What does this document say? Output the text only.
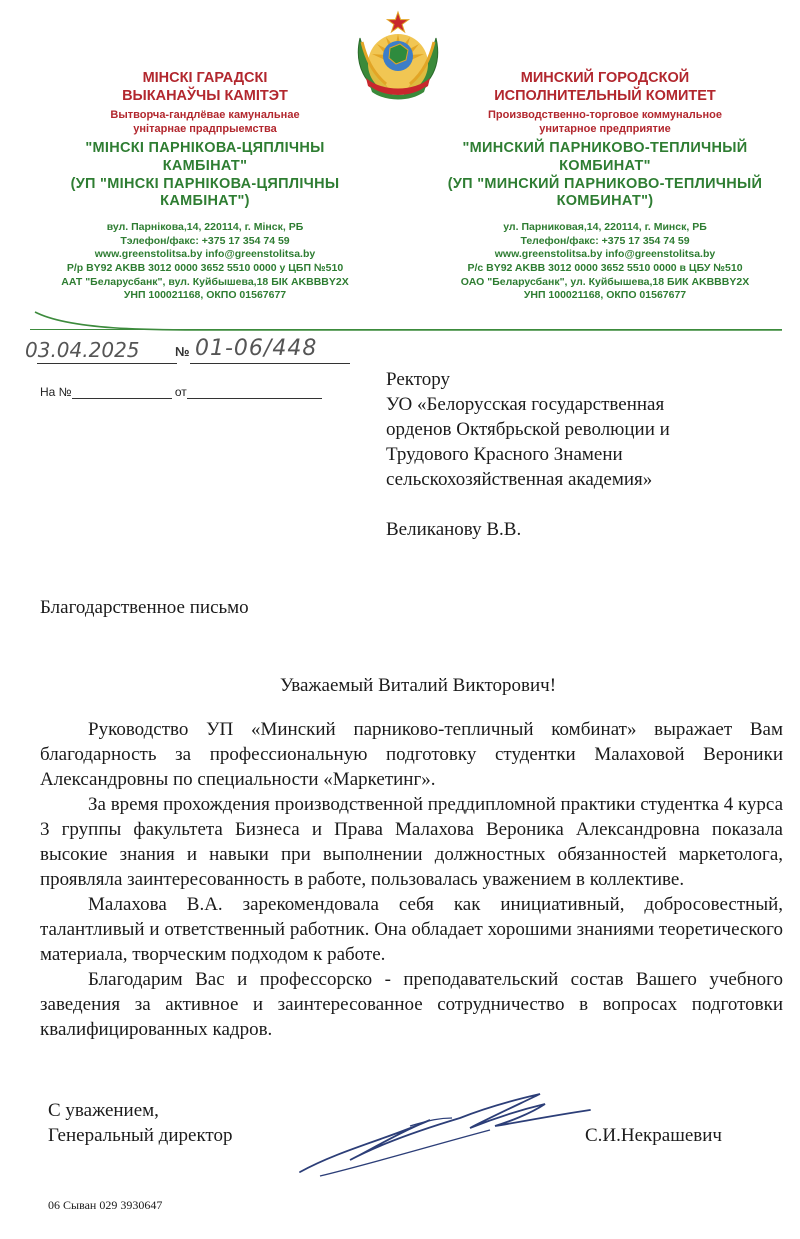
МІНСКІ ГАРАДСКІ
ВЫКАНАЎЧЫ КАМІТЭТ
Вытворча-гандлёвае камунальнае
унітарнае прадпрыемства
"МІНСКІ ПАРНІКОВА-ЦЯПЛІЧНЫ
КАМБІНАТ"
(УП "МІНСКІ ПАРНІКОВА-ЦЯПЛІЧНЫ
КАМБІНАТ")
вул. Парнікова,14, 220114, г. Мінск, РБ
Тэлефон/факс: +375 17 354 74 59
www.greenstolitsa.by info@greenstolitsa.by
Р/р BY92 AKBB 3012 0000 3652 5510 0000 у ЦБП №510
ААТ "Беларусбанк", вул. Куйбышева,18 БІК AKBBBY2X
УНП 100021168, ОКПО 01567677
МИНСКИЙ ГОРОДСКОЙ
ИСПОЛНИТЕЛЬНЫЙ КОМИТЕТ
Производственно-торговое коммунальное
унитарное предприятие
"МИНСКИЙ ПАРНИКОВО-ТЕПЛИЧНЫЙ
КОМБИНАТ"
(УП "МИНСКИЙ ПАРНИКОВО-ТЕПЛИЧНЫЙ
КОМБИНАТ")
ул. Парниковая,14, 220114, г. Минск, РБ
Телефон/факс: +375 17 354 74 59
www.greenstolitsa.by info@greenstolitsa.by
Р/с BY92 AKBB 3012 0000 3652 5510 0000 в ЦБУ №510
ОАО "Беларусбанк", ул. Куйбышева,18 БИК AKBBBY2X
УНП 100021168, ОКПО 01567677
03.04.2025	№ 01-06/448
На №	от
Ректору
УО «Белорусская государственная
орденов Октябрьской революции и
Трудового Красного Знамени
сельскохозяйственная академия»
Великанову В.В.
Благодарственное письмо
Уважаемый Виталий Викторович!

Руководство УП «Минский парниково-тепличный комбинат» выражает Вам благодарность за профессиональную подготовку студентки Малаховой Вероники Александровны по специальности «Маркетинг».

За время прохождения производственной преддипломной практики студентка 4 курса 3 группы факультета Бизнеса и Права Малахова Вероника Александровна показала высокие знания и навыки при выполнении должностных обязанностей маркетолога, проявляла заинтересованность в работе, пользовалась уважением в коллективе.

Малахова В.А. зарекомендовала себя как инициативный, добросовестный, талантливый и ответственный работник. Она обладает хорошими знаниями теоретического материала, творческим подходом к работе.

Благодарим Вас и профессорско - преподавательский состав Вашего учебного заведения за активное и заинтересованное сотрудничество в вопросах подготовки квалифицированных кадров.

С уважением,
Генеральный директор	С.И.Некрашевич
06 Сыван 029 3930647
